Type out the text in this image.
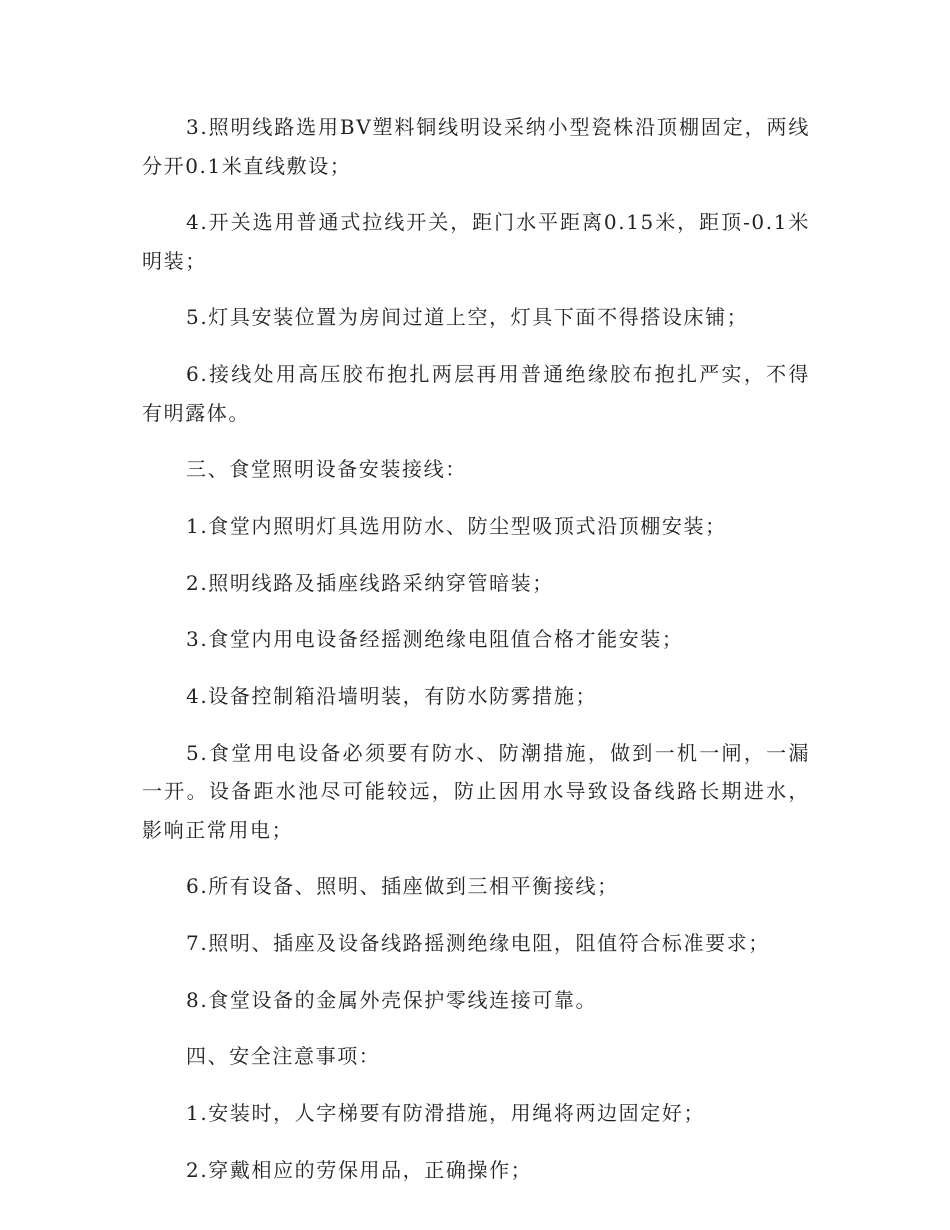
3.照明线路选用BV塑料铜线明设采纳小型瓷株沿顶棚固定，两线分开0.1米直线敷设；

4.开关选用普通式拉线开关，距门水平距离0.15米，距顶-0.1米明装；

5.灯具安装位置为房间过道上空，灯具下面不得搭设床铺；

6.接线处用高压胶布抱扎两层再用普通绝缘胶布抱扎严实，不得有明露体。

三、食堂照明设备安装接线：

1.食堂内照明灯具选用防水、防尘型吸顶式沿顶棚安装；

2.照明线路及插座线路采纳穿管暗装；

3.食堂内用电设备经摇测绝缘电阻值合格才能安装；

4.设备控制箱沿墙明装，有防水防雾措施；

5.食堂用电设备必须要有防水、防潮措施，做到一机一闸，一漏一开。设备距水池尽可能较远，防止因用水导致设备线路长期进水，影响正常用电；

6.所有设备、照明、插座做到三相平衡接线；

7.照明、插座及设备线路摇测绝缘电阻，阻值符合标准要求；

8.食堂设备的金属外壳保护零线连接可靠。

四、安全注意事项：

1.安装时，人字梯要有防滑措施，用绳将两边固定好；

2.穿戴相应的劳保用品，正确操作；
